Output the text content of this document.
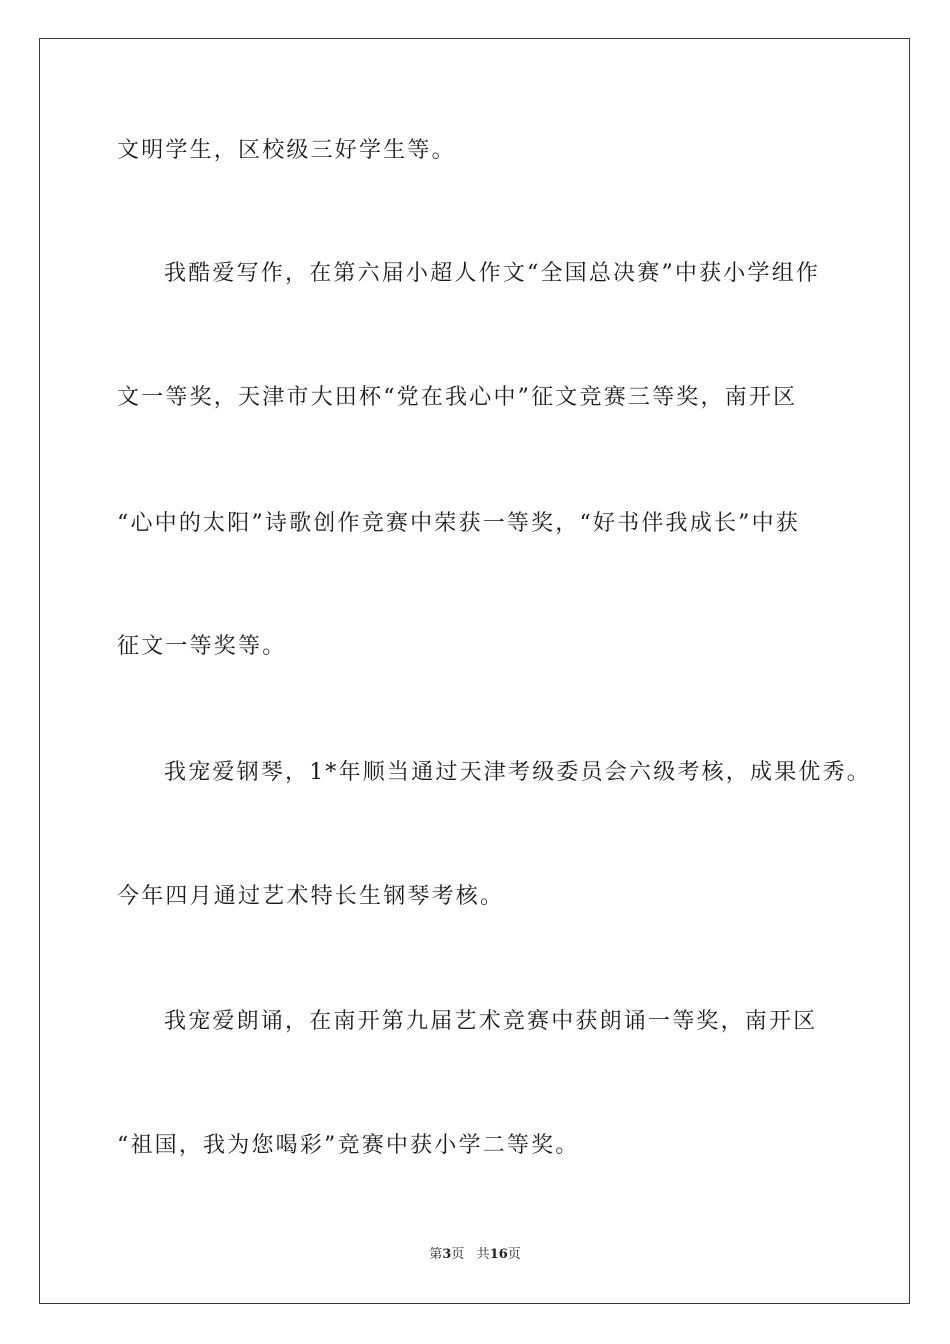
文明学生，区校级三好学生等。
我酷爱写作，在第六届小超人作文“全国总决赛”中获小学组作
文一等奖，天津市大田杯“党在我心中”征文竞赛三等奖，南开区
“心中的太阳”诗歌创作竞赛中荣获一等奖，“好书伴我成长”中获
征文一等奖等。
我宠爱钢琴，1*年顺当通过天津考级委员会六级考核，成果优秀。
今年四月通过艺术特长生钢琴考核。
我宠爱朗诵，在南开第九届艺术竞赛中获朗诵一等奖，南开区
“祖国，我为您喝彩”竞赛中获小学二等奖。
第3页 共16页
